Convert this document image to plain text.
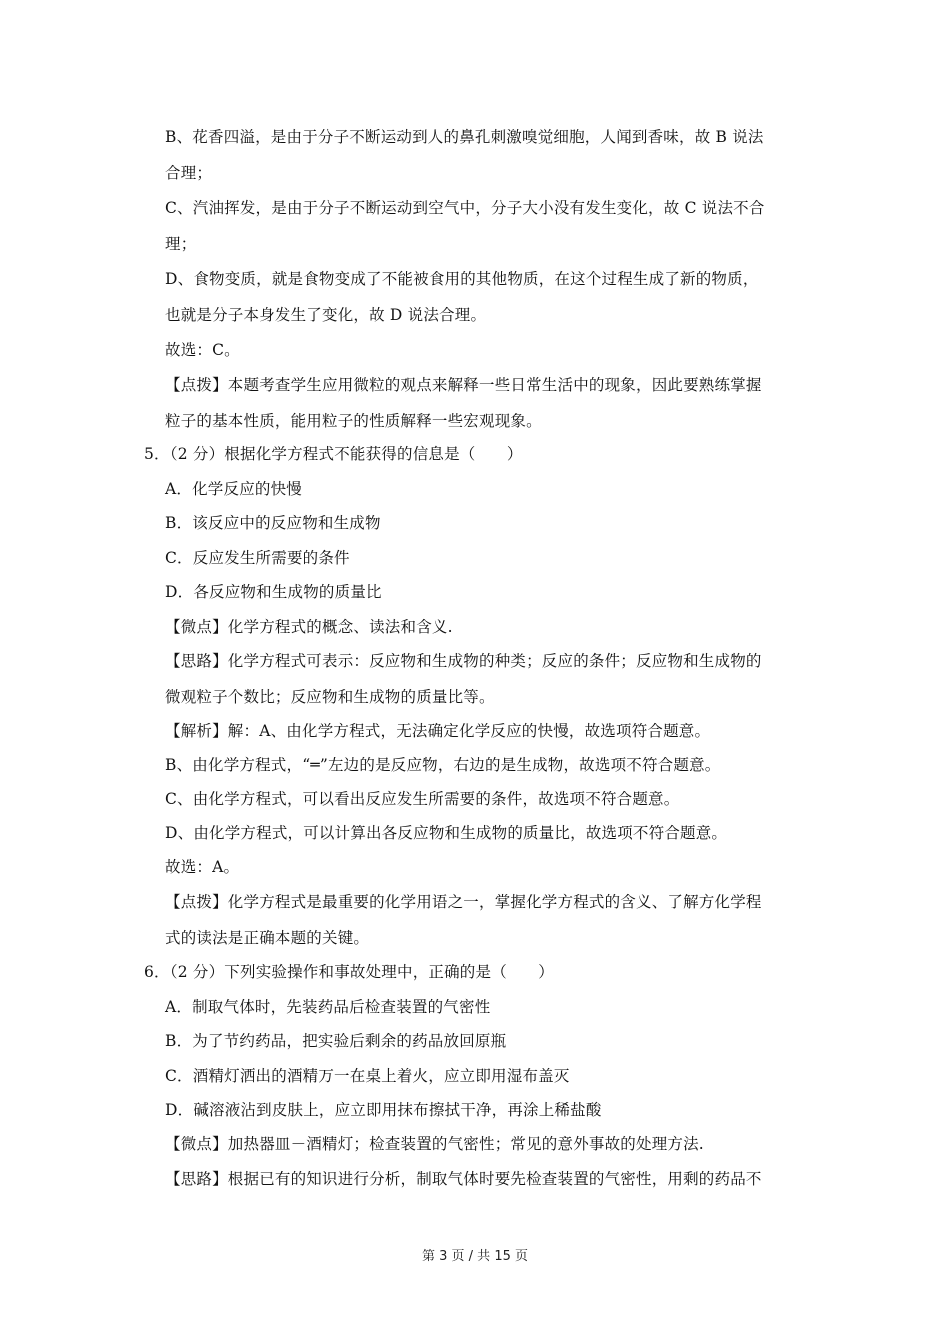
B、花香四溢，是由于分子不断运动到人的鼻孔刺激嗅觉细胞，人闻到香味，故 B 说法
合理；
C、汽油挥发，是由于分子不断运动到空气中，分子大小没有发生变化，故 C 说法不合
理；
D、食物变质，就是食物变成了不能被食用的其他物质，在这个过程生成了新的物质，
也就是分子本身发生了变化，故 D 说法合理。
故选：C。
【点拨】本题考查学生应用微粒的观点来解释一些日常生活中的现象，因此要熟练掌握
粒子的基本性质，能用粒子的性质解释一些宏观现象。
5．（2 分）根据化学方程式不能获得的信息是（　　）
A．化学反应的快慢
B．该反应中的反应物和生成物
C．反应发生所需要的条件
D．各反应物和生成物的质量比
【微点】化学方程式的概念、读法和含义.
【思路】化学方程式可表示：反应物和生成物的种类；反应的条件；反应物和生成物的
微观粒子个数比；反应物和生成物的质量比等。
【解析】解：A、由化学方程式，无法确定化学反应的快慢，故选项符合题意。
B、由化学方程式，“═”左边的是反应物，右边的是生成物，故选项不符合题意。
C、由化学方程式，可以看出反应发生所需要的条件，故选项不符合题意。
D、由化学方程式，可以计算出各反应物和生成物的质量比，故选项不符合题意。
故选：A。
【点拨】化学方程式是最重要的化学用语之一，掌握化学方程式的含义、了解方化学程
式的读法是正确本题的关键。
6．（2 分）下列实验操作和事故处理中，正确的是（　　）
A．制取气体时，先装药品后检查装置的气密性
B．为了节约药品，把实验后剩余的药品放回原瓶
C．酒精灯洒出的酒精万一在桌上着火，应立即用湿布盖灭
D．碱溶液沾到皮肤上，应立即用抹布擦拭干净，再涂上稀盐酸
【微点】加热器皿－酒精灯；检查装置的气密性；常见的意外事故的处理方法.
【思路】根据已有的知识进行分析，制取气体时要先检查装置的气密性，用剩的药品不
第 3 页 / 共 15 页
